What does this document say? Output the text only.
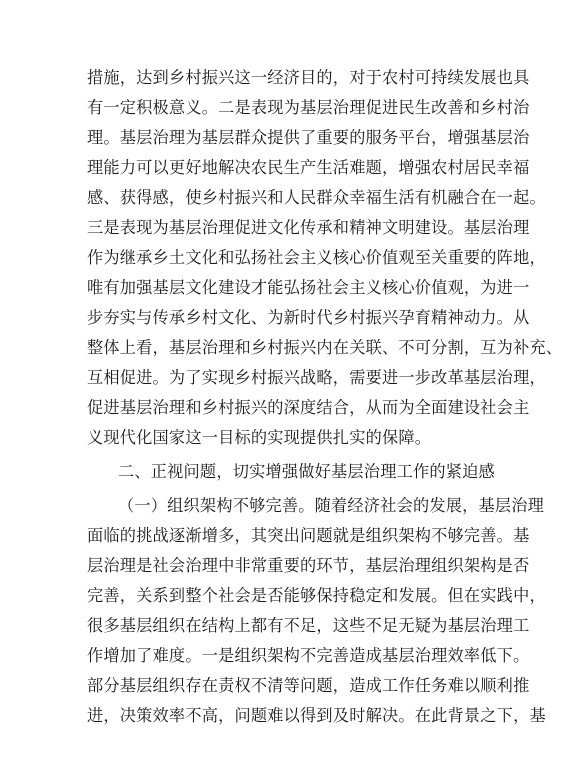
措施，达到乡村振兴这一经济目的，对于农村可持续发展也具
有一定积极意义。二是表现为基层治理促进民生改善和乡村治
理。基层治理为基层群众提供了重要的服务平台，增强基层治
理能力可以更好地解决农民生产生活难题，增强农村居民幸福
感、获得感，使乡村振兴和人民群众幸福生活有机融合在一起。
三是表现为基层治理促进文化传承和精神文明建设。基层治理
作为继承乡土文化和弘扬社会主义核心价值观至关重要的阵地，
唯有加强基层文化建设才能弘扬社会主义核心价值观，为进一
步夯实与传承乡村文化、为新时代乡村振兴孕育精神动力。从
整体上看，基层治理和乡村振兴内在关联、不可分割，互为补充、
互相促进。为了实现乡村振兴战略，需要进一步改革基层治理，
促进基层治理和乡村振兴的深度结合，从而为全面建设社会主
义现代化国家这一目标的实现提供扎实的保障。
二、正视问题，切实增强做好基层治理工作的紧迫感
（一）组织架构不够完善。随着经济社会的发展，基层治理
面临的挑战逐渐增多，其突出问题就是组织架构不够完善。基
层治理是社会治理中非常重要的环节，基层治理组织架构是否
完善，关系到整个社会是否能够保持稳定和发展。但在实践中，
很多基层组织在结构上都有不足，这些不足无疑为基层治理工
作增加了难度。一是组织架构不完善造成基层治理效率低下。
部分基层组织存在责权不清等问题，造成工作任务难以顺利推
进，决策效率不高，问题难以得到及时解决。在此背景之下，基
